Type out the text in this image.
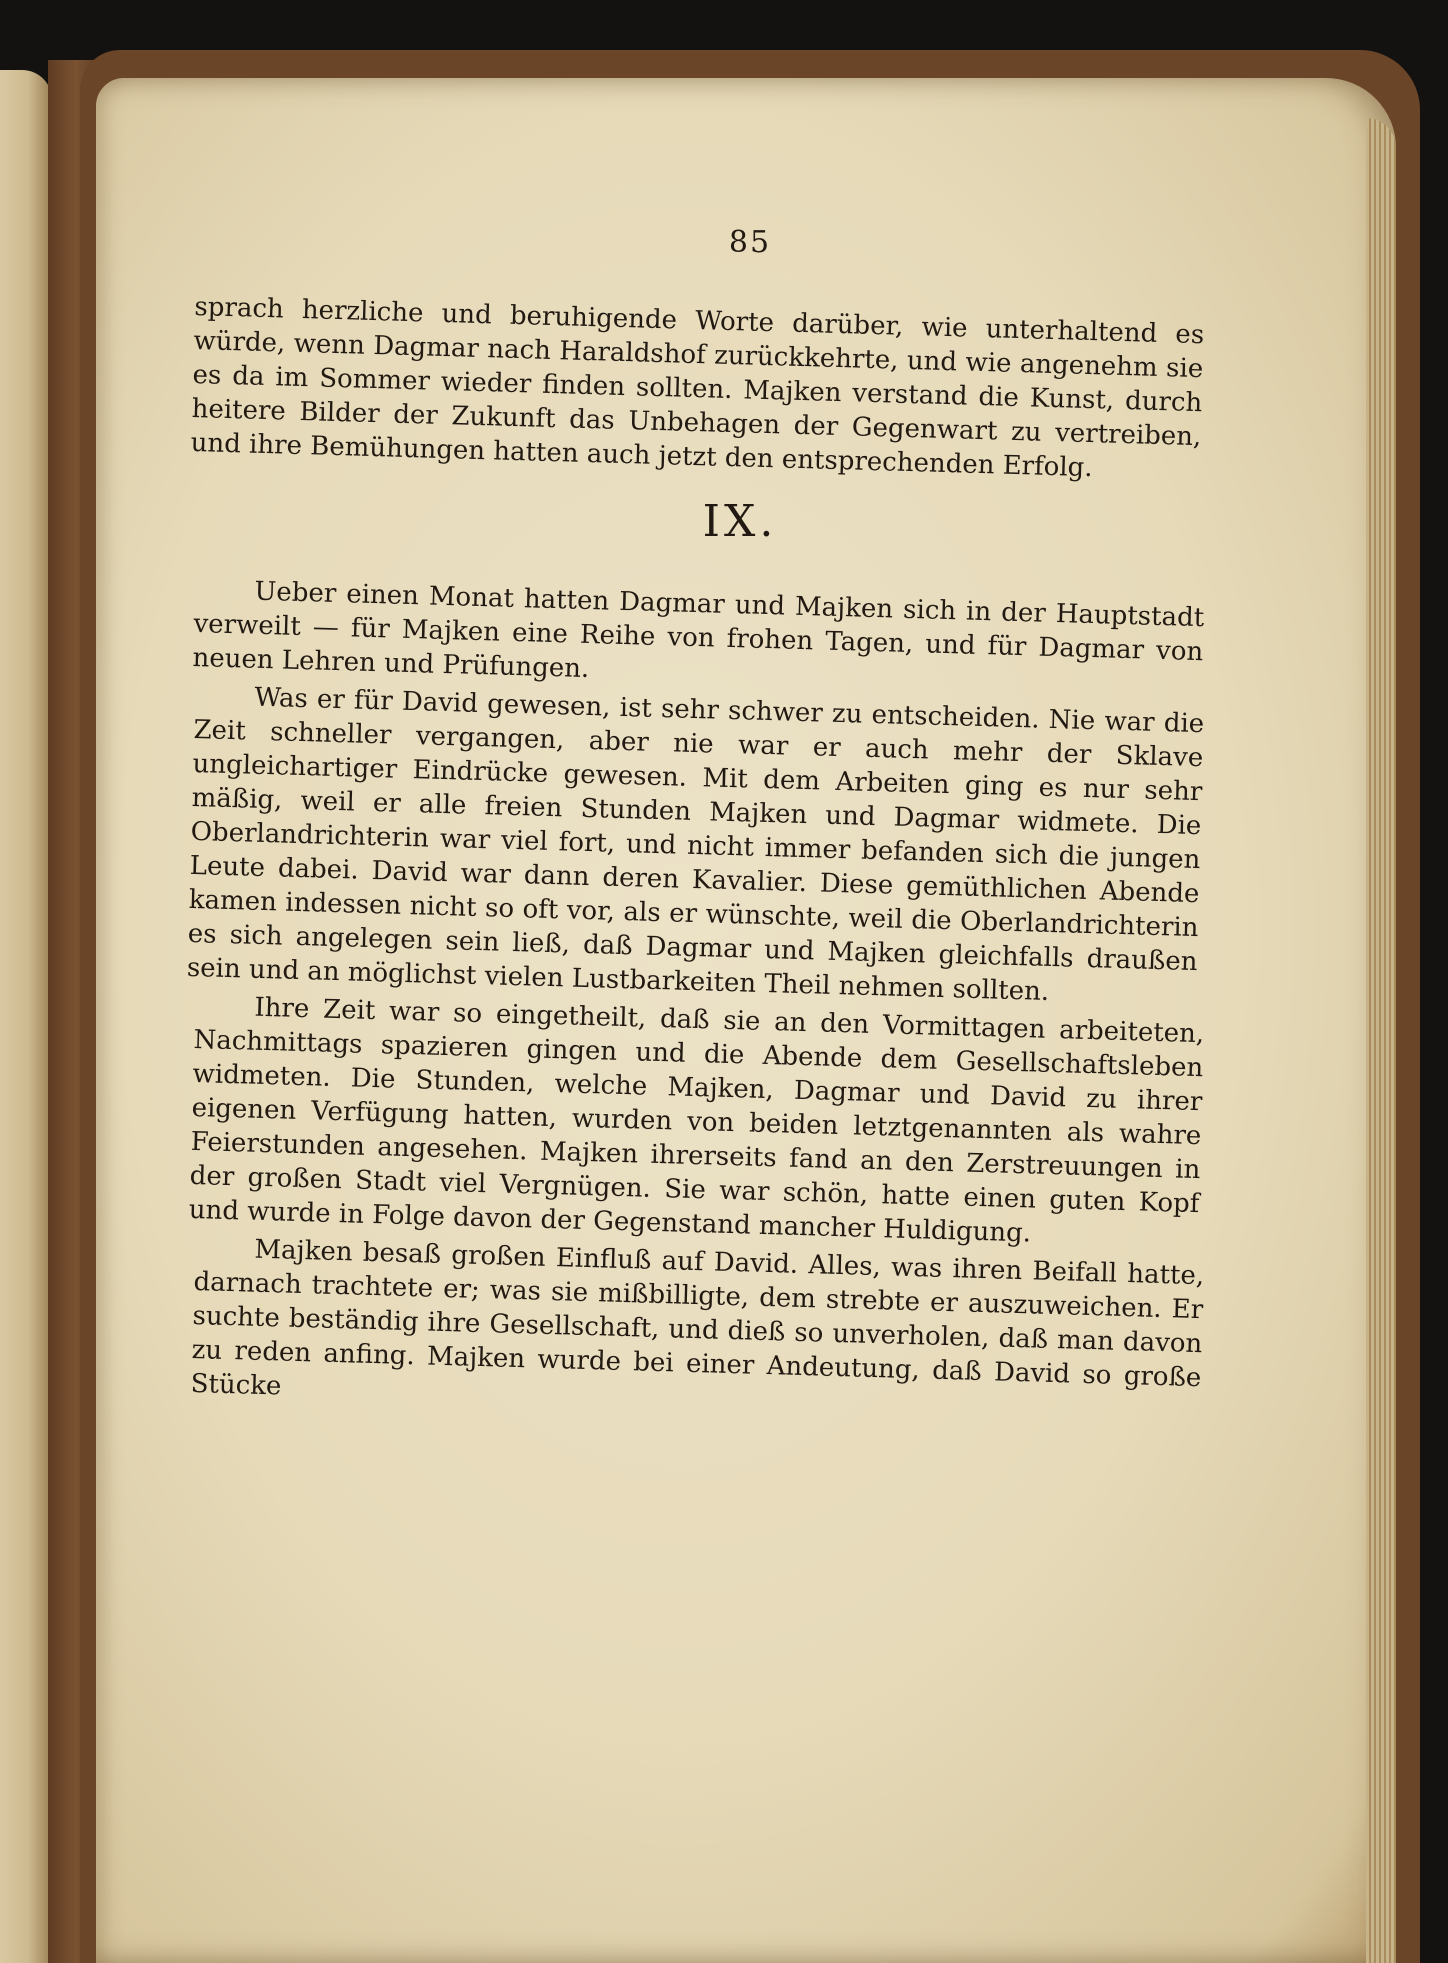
85

sprach herzliche und beruhigende Worte darüber, wie unterhaltend es würde, wenn Dagmar nach Haraldshof zurückkehrte, und wie angenehm sie es da im Sommer wieder finden sollten. Majken verstand die Kunst, durch heitere Bilder der Zukunft das Unbehagen der Gegenwart zu vertreiben, und ihre Bemühungen hatten auch jetzt den entsprechenden Erfolg.

IX.

Ueber einen Monat hatten Dagmar und Majken sich in der Hauptstadt verweilt — für Majken eine Reihe von frohen Tagen, und für Dagmar von neuen Lehren und Prüfungen.

Was er für David gewesen, ist sehr schwer zu entscheiden. Nie war die Zeit schneller vergangen, aber nie war er auch mehr der Sklave ungleichartiger Eindrücke gewesen. Mit dem Arbeiten ging es nur sehr mäßig, weil er alle freien Stunden Majken und Dagmar widmete. Die Oberlandrichterin war viel fort, und nicht immer befanden sich die jungen Leute dabei. David war dann deren Kavalier. Diese gemüthlichen Abende kamen indessen nicht so oft vor, als er wünschte, weil die Oberlandrichterin es sich angelegen sein ließ, daß Dagmar und Majken gleichfalls draußen sein und an möglichst vielen Lustbarkeiten Theil nehmen sollten.

Ihre Zeit war so eingetheilt, daß sie an den Vormittagen arbeiteten, Nachmittags spazieren gingen und die Abende dem Gesellschaftsleben widmeten. Die Stunden, welche Majken, Dagmar und David zu ihrer eigenen Verfügung hatten, wurden von beiden letztgenannten als wahre Feierstunden angesehen. Majken ihrerseits fand an den Zerstreuungen in der großen Stadt viel Vergnügen. Sie war schön, hatte einen guten Kopf und wurde in Folge davon der Gegenstand mancher Huldigung.

Majken besaß großen Einfluß auf David. Alles, was ihren Beifall hatte, darnach trachtete er; was sie mißbilligte, dem strebte er auszuweichen. Er suchte beständig ihre Gesellschaft, und dieß so unverholen, daß man davon zu reden anfing. Majken wurde bei einer Andeutung, daß David so große Stücke
